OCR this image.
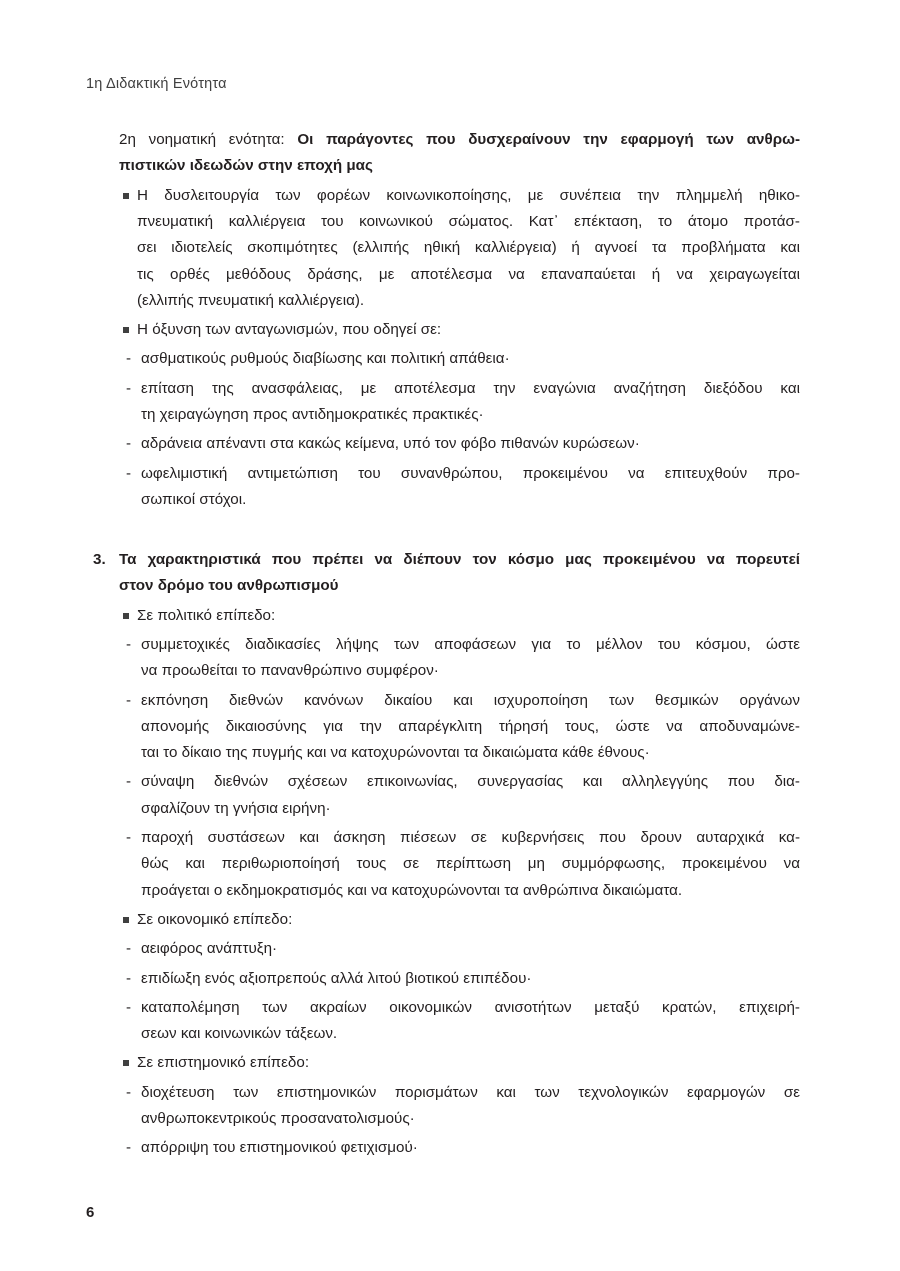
1η Διδακτική Ενότητα
2η νοηματική ενότητα: Οι παράγοντες που δυσχεραίνουν την εφαρμογή των ανθρω-
πιστικών ιδεωδών στην εποχή μας
Η δυσλειτουργία των φορέων κοινωνικοποίησης, με συνέπεια την πλημμελή ηθικο-
πνευματική καλλιέργεια του κοινωνικού σώματος. Κατ᾽ επέκταση, το άτομο προτάσ-
σει ιδιοτελείς σκοπιμότητες (ελλιπής ηθική καλλιέργεια) ή αγνοεί τα προβλήματα και
τις ορθές μεθόδους δράσης, με αποτέλεσμα να επαναπαύεται ή να χειραγωγείται
(ελλιπής πνευματική καλλιέργεια).
Η όξυνση των ανταγωνισμών, που οδηγεί σε:
- ασθματικούς ρυθμούς διαβίωσης και πολιτική απάθεια·
- επίταση της ανασφάλειας, με αποτέλεσμα την εναγώνια αναζήτηση διεξόδου και
τη χειραγώγηση προς αντιδημοκρατικές πρακτικές·
- αδράνεια απέναντι στα κακώς κείμενα, υπό τον φόβο πιθανών κυρώσεων·
- ωφελιμιστική αντιμετώπιση του συνανθρώπου, προκειμένου να επιτευχθούν προ-
σωπικοί στόχοι.
3. Τα χαρακτηριστικά που πρέπει να διέπουν τον κόσμο μας προκειμένου να πορευτεί
στον δρόμο του ανθρωπισμού
Σε πολιτικό επίπεδο:
- συμμετοχικές διαδικασίες λήψης των αποφάσεων για το μέλλον του κόσμου, ώστε
να προωθείται το πανανθρώπινο συμφέρον·
- εκπόνηση διεθνών κανόνων δικαίου και ισχυροποίηση των θεσμικών οργάνων
απονομής δικαιοσύνης για την απαρέγκλιτη τήρησή τους, ώστε να αποδυναμώνε-
ται το δίκαιο της πυγμής και να κατοχυρώνονται τα δικαιώματα κάθε έθνους·
- σύναψη διεθνών σχέσεων επικοινωνίας, συνεργασίας και αλληλεγγύης που δια-
σφαλίζουν τη γνήσια ειρήνη·
- παροχή συστάσεων και άσκηση πιέσεων σε κυβερνήσεις που δρουν αυταρχικά κα-
θώς και περιθωριοποίησή τους σε περίπτωση μη συμμόρφωσης, προκειμένου να
προάγεται ο εκδημοκρατισμός και να κατοχυρώνονται τα ανθρώπινα δικαιώματα.
Σε οικονομικό επίπεδο:
- αειφόρος ανάπτυξη·
- επιδίωξη ενός αξιοπρεπούς αλλά λιτού βιοτικού επιπέδου·
- καταπολέμηση των ακραίων οικονομικών ανισοτήτων μεταξύ κρατών, επιχειρή-
σεων και κοινωνικών τάξεων.
Σε επιστημονικό επίπεδο:
- διοχέτευση των επιστημονικών πορισμάτων και των τεχνολογικών εφαρμογών σε
ανθρωποκεντρικούς προσανατολισμούς·
- απόρριψη του επιστημονικού φετιχισμού·
6
